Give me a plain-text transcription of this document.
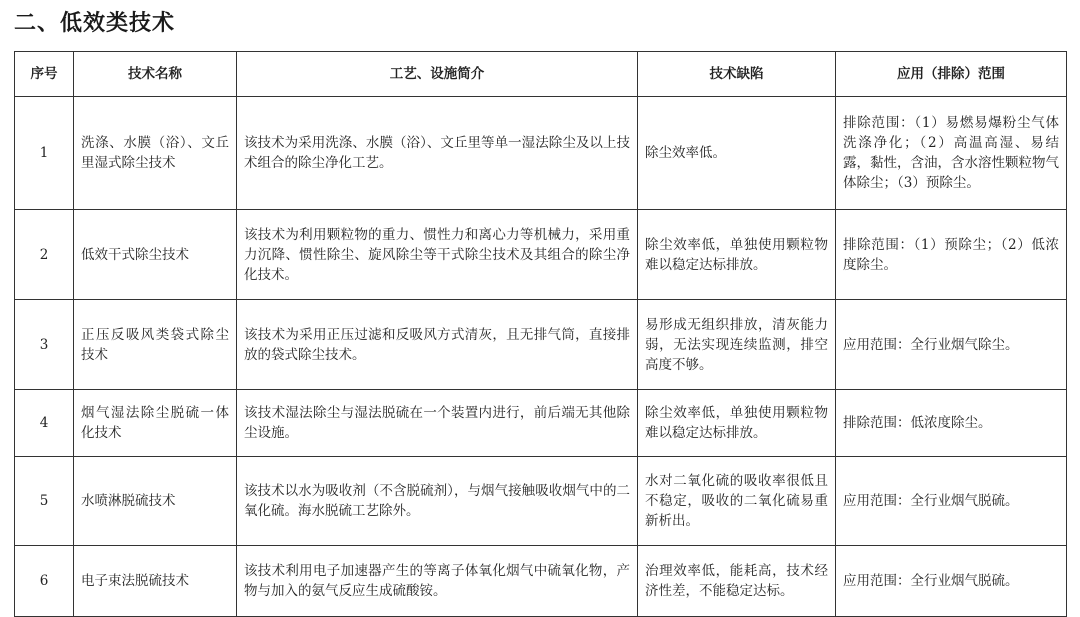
二、低效类技术
序号	技术名称	工艺、设施简介	技术缺陷	应用（排除）范围
1	洗涤、水膜（浴）、文丘里湿式除尘技术	该技术为采用洗涤、水膜（浴）、文丘里等单一湿法除尘及以上技术组合的除尘净化工艺。	除尘效率低。	排除范围：（1）易燃易爆粉尘气体洗涤净化；（2）高温高湿、易结露，黏性，含油，含水溶性颗粒物气体除尘；（3）预除尘。
2	低效干式除尘技术	该技术为利用颗粒物的重力、惯性力和离心力等机械力，采用重力沉降、惯性除尘、旋风除尘等干式除尘技术及其组合的除尘净化技术。	除尘效率低，单独使用颗粒物难以稳定达标排放。	排除范围：（1）预除尘；（2）低浓度除尘。
3	正压反吸风类袋式除尘技术	该技术为采用正压过滤和反吸风方式清灰，且无排气筒，直接排放的袋式除尘技术。	易形成无组织排放，清灰能力弱，无法实现连续监测，排空高度不够。	应用范围：全行业烟气除尘。
4	烟气湿法除尘脱硫一体化技术	该技术湿法除尘与湿法脱硫在一个装置内进行，前后端无其他除尘设施。	除尘效率低，单独使用颗粒物难以稳定达标排放。	排除范围：低浓度除尘。
5	水喷淋脱硫技术	该技术以水为吸收剂（不含脱硫剂），与烟气接触吸收烟气中的二氧化硫。海水脱硫工艺除外。	水对二氧化硫的吸收率很低且不稳定，吸收的二氧化硫易重新析出。	应用范围：全行业烟气脱硫。
6	电子束法脱硫技术	该技术利用电子加速器产生的等离子体氧化烟气中硫氧化物，产物与加入的氨气反应生成硫酸铵。	治理效率低，能耗高，技术经济性差，不能稳定达标。	应用范围：全行业烟气脱硫。
